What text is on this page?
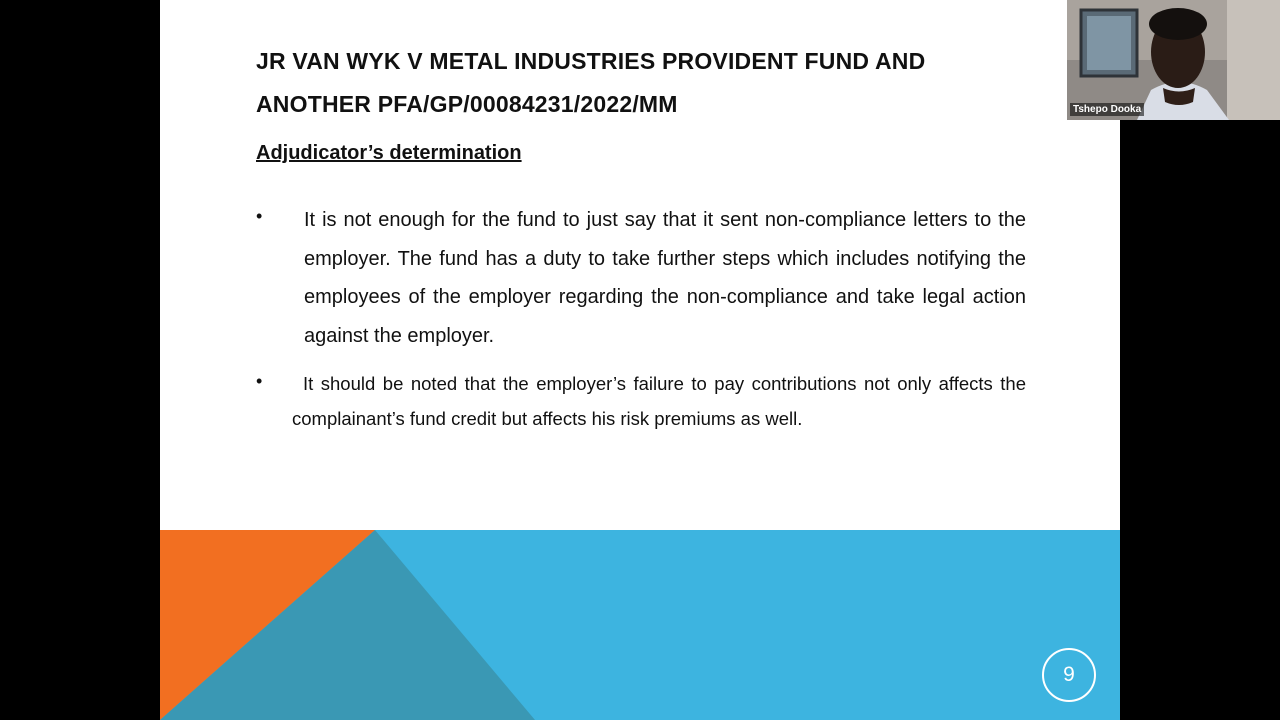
JR VAN WYK V METAL INDUSTRIES PROVIDENT FUND AND ANOTHER PFA/GP/00084231/2022/MM
Adjudicator’s determination
• It is not enough for the fund to just say that it sent non-compliance letters to the employer. The fund has a duty to take further steps which includes notifying the employees of the employer regarding the non-compliance and take legal action against the employer.

•	It should be noted that the employer’s failure to pay contributions not only affects the complainant’s fund credit but affects his risk premiums as well.

9
Tshepo Dooka
